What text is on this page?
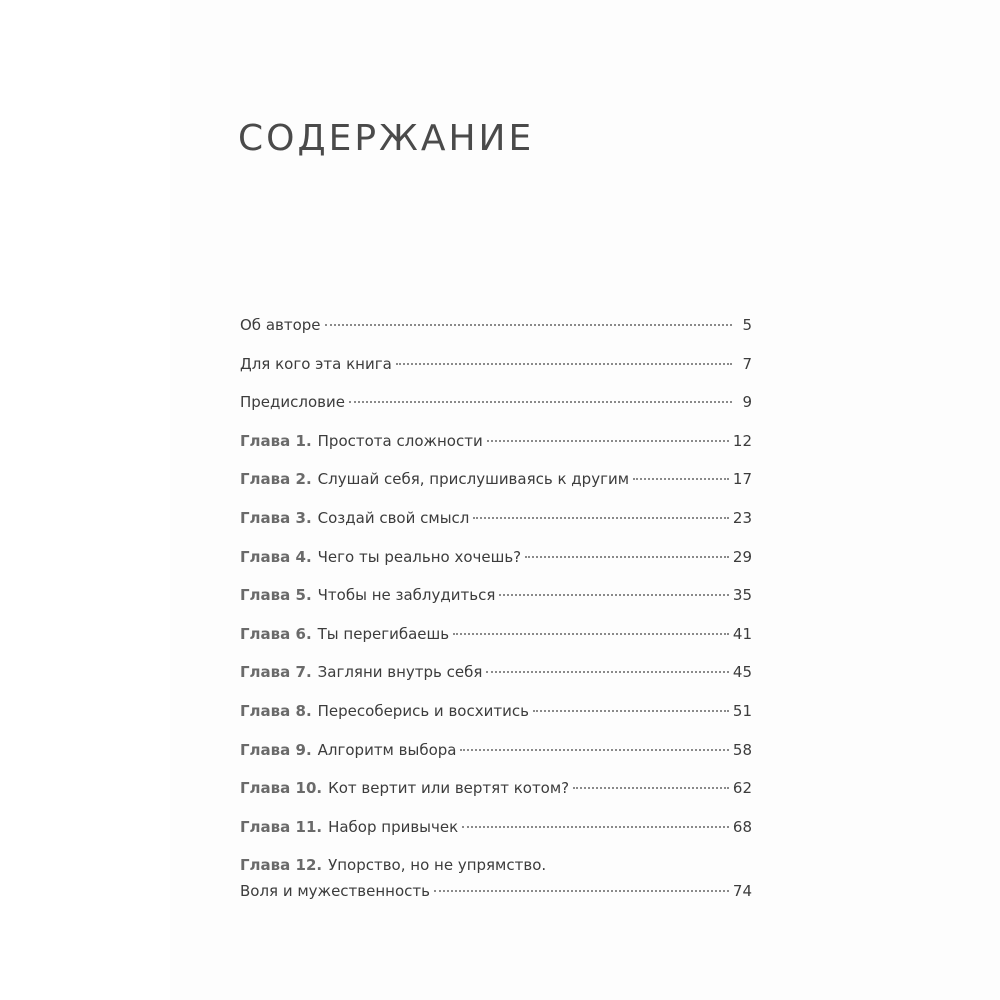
СОДЕРЖАНИЕ
Об авторе	5
Для кого эта книга	7
Предисловие	9
Глава 1. Простота сложности	12
Глава 2. Слушай себя, прислушиваясь к другим	17
Глава 3. Создай свой смысл	23
Глава 4. Чего ты реально хочешь?	29
Глава 5. Чтобы не заблудиться	35
Глава 6. Ты перегибаешь	41
Глава 7. Загляни внутрь себя	45
Глава 8. Пересоберись и восхитись	51
Глава 9. Алгоритм выбора	58
Глава 10. Кот вертит или вертят котом?	62
Глава 11. Набор привычек	68
Глава 12. Упорство, но не упрямство.
Воля и мужественность	74
